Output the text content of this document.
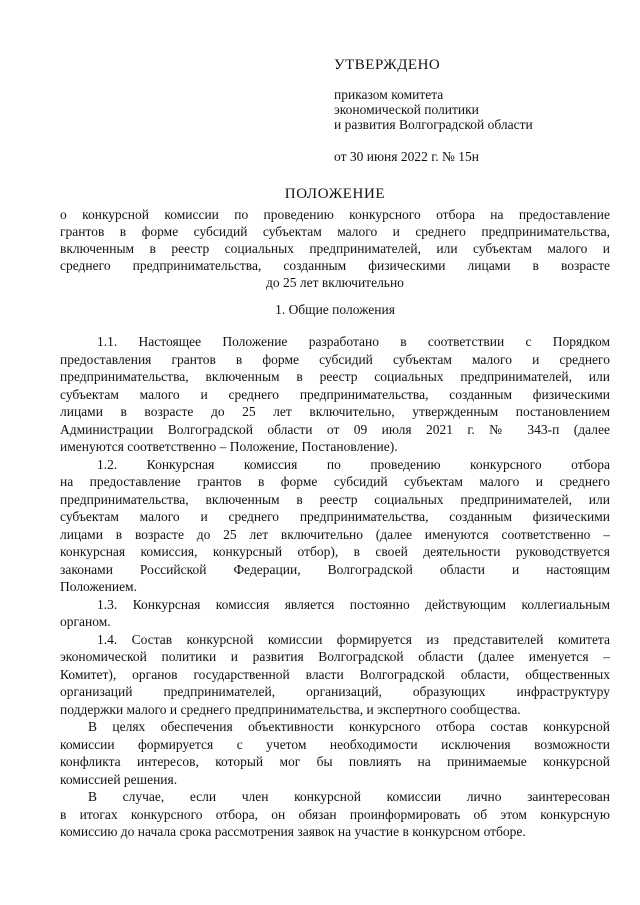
УТВЕРЖДЕНО
приказом комитета
экономической политики
и развития Волгоградской области
от 30 июня 2022 г. № 15н
ПОЛОЖЕНИЕ
о конкурсной комиссии по проведению конкурсного отбора на предоставление
грантов в форме субсидий субъектам малого и среднего предпринимательства,
включенным в реестр социальных предпринимателей, или субъектам малого и
среднего предпринимательства, созданным физическими лицами в возрасте
до 25 лет включительно
1. Общие положения
1.1. Настоящее Положение разработано в соответствии с Порядком
предоставления грантов в форме субсидий субъектам малого и среднего
предпринимательства, включенным в реестр социальных предпринимателей, или
субъектам малого и среднего предпринимательства, созданным физическими
лицами в возрасте до 25 лет включительно, утвержденным постановлением
Администрации Волгоградской области от 09 июля 2021 г. № 343-п (далее
именуются соответственно – Положение, Постановление).
1.2. Конкурсная комиссия по проведению конкурсного отбора
на предоставление грантов в форме субсидий субъектам малого и среднего
предпринимательства, включенным в реестр социальных предпринимателей, или
субъектам малого и среднего предпринимательства, созданным физическими
лицами в возрасте до 25 лет включительно (далее именуются соответственно –
конкурсная комиссия, конкурсный отбор), в своей деятельности руководствуется
законами Российской Федерации, Волгоградской области и настоящим
Положением.
1.3. Конкурсная комиссия является постоянно действующим коллегиальным
органом.
1.4. Состав конкурсной комиссии формируется из представителей комитета
экономической политики и развития Волгоградской области (далее именуется –
Комитет), органов государственной власти Волгоградской области, общественных
организаций предпринимателей, организаций, образующих инфраструктуру
поддержки малого и среднего предпринимательства, и экспертного сообщества.
В целях обеспечения объективности конкурсного отбора состав конкурсной
комиссии формируется с учетом необходимости исключения возможности
конфликта интересов, который мог бы повлиять на принимаемые конкурсной
комиссией решения.
В случае, если член конкурсной комиссии лично заинтересован
в итогах конкурсного отбора, он обязан проинформировать об этом конкурсную
комиссию до начала срока рассмотрения заявок на участие в конкурсном отборе.
